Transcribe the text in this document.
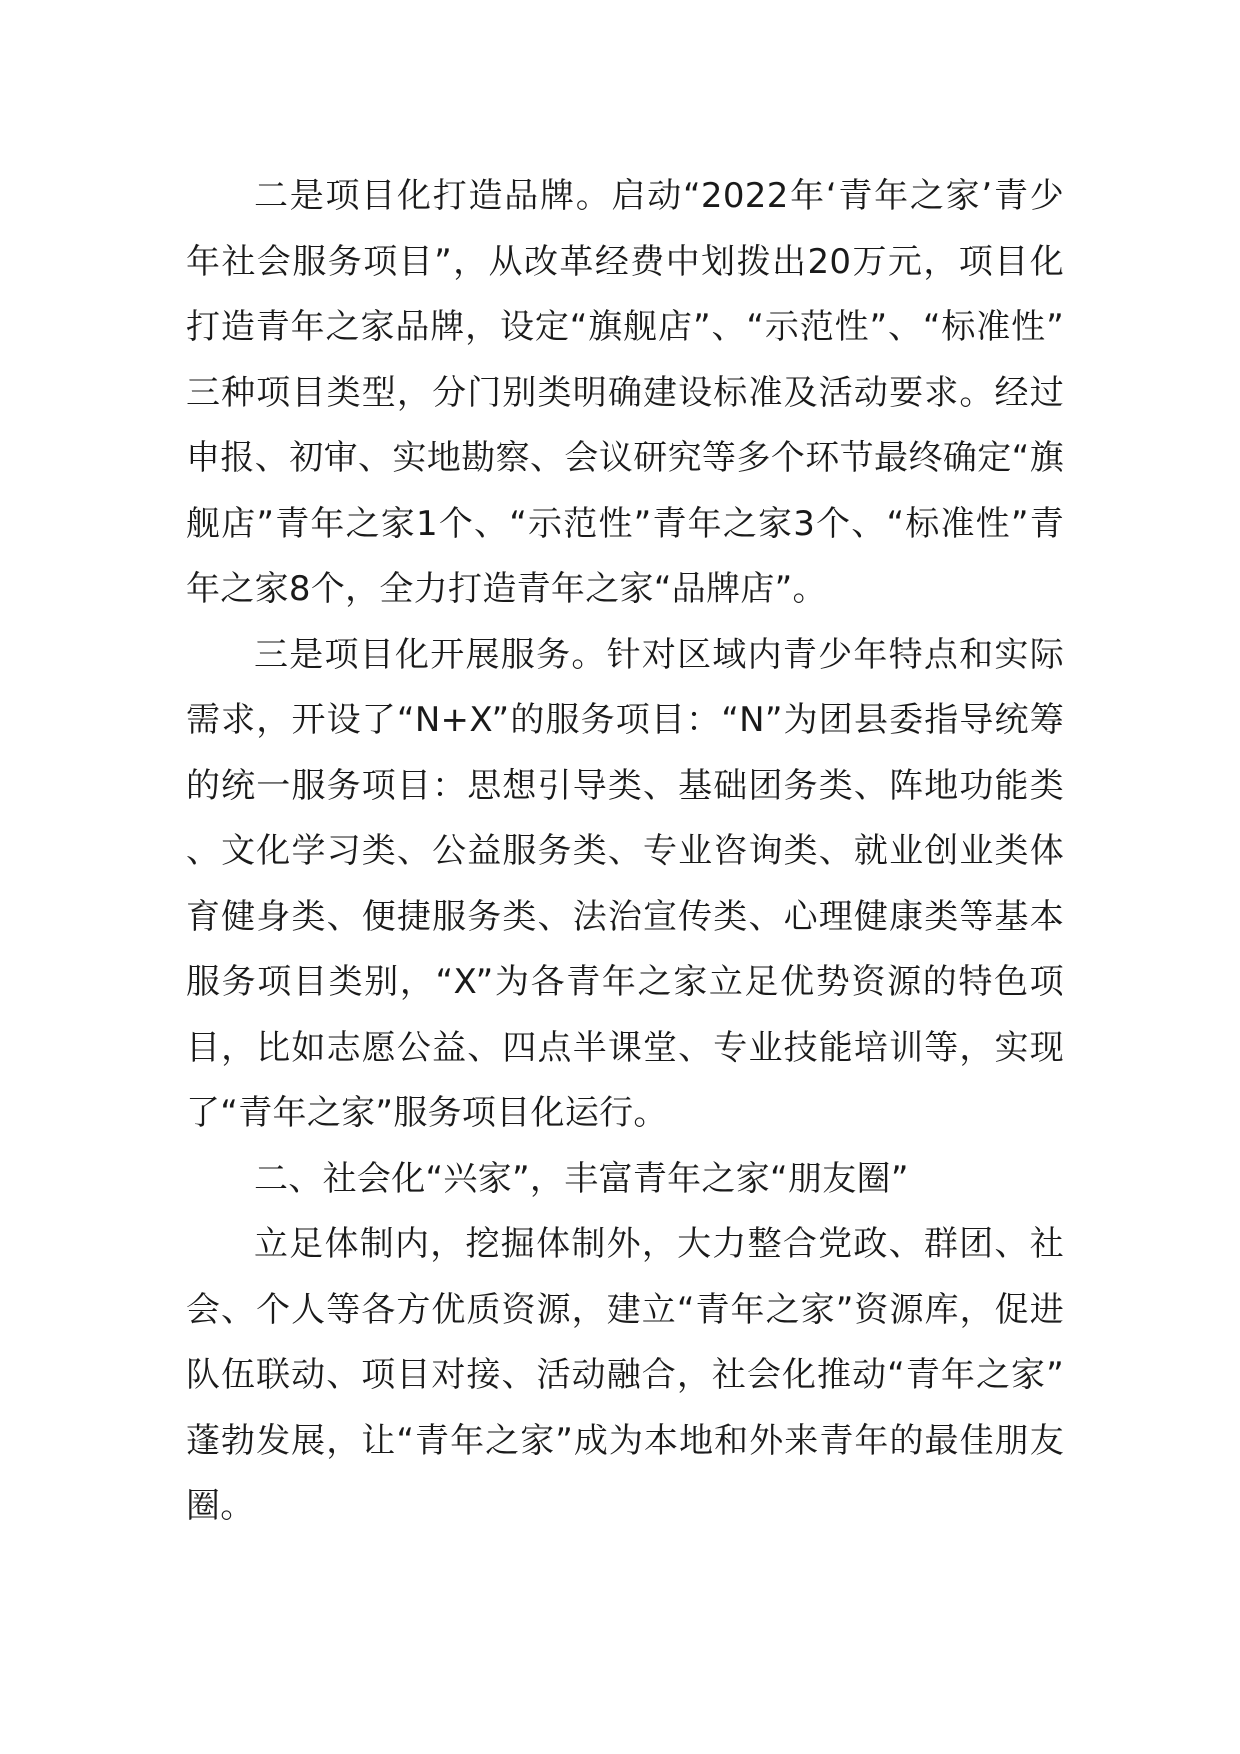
二是项目化打造品牌。启动“2022年‘青年之家’青少年社会服务项目”，从改革经费中划拨出20万元，项目化打造青年之家品牌，设定“旗舰店”、“示范性”、“标准性”三种项目类型，分门别类明确建设标准及活动要求。经过申报、初审、实地勘察、会议研究等多个环节最终确定“旗舰店”青年之家1个、“示范性”青年之家3个、“标准性”青年之家8个，全力打造青年之家“品牌店”。

三是项目化开展服务。针对区域内青少年特点和实际需求，开设了“N+X”的服务项目：“N”为团县委指导统筹的统一服务项目：思想引导类、基础团务类、阵地功能类、文化学习类、公益服务类、专业咨询类、就业创业类体育健身类、便捷服务类、法治宣传类、心理健康类等基本服务项目类别，“X”为各青年之家立足优势资源的特色项目，比如志愿公益、四点半课堂、专业技能培训等，实现了“青年之家”服务项目化运行。

二、社会化“兴家”，丰富青年之家“朋友圈”

立足体制内，挖掘体制外，大力整合党政、群团、社会、个人等各方优质资源，建立“青年之家”资源库，促进队伍联动、项目对接、活动融合，社会化推动“青年之家”蓬勃发展，让“青年之家”成为本地和外来青年的最佳朋友圈。
